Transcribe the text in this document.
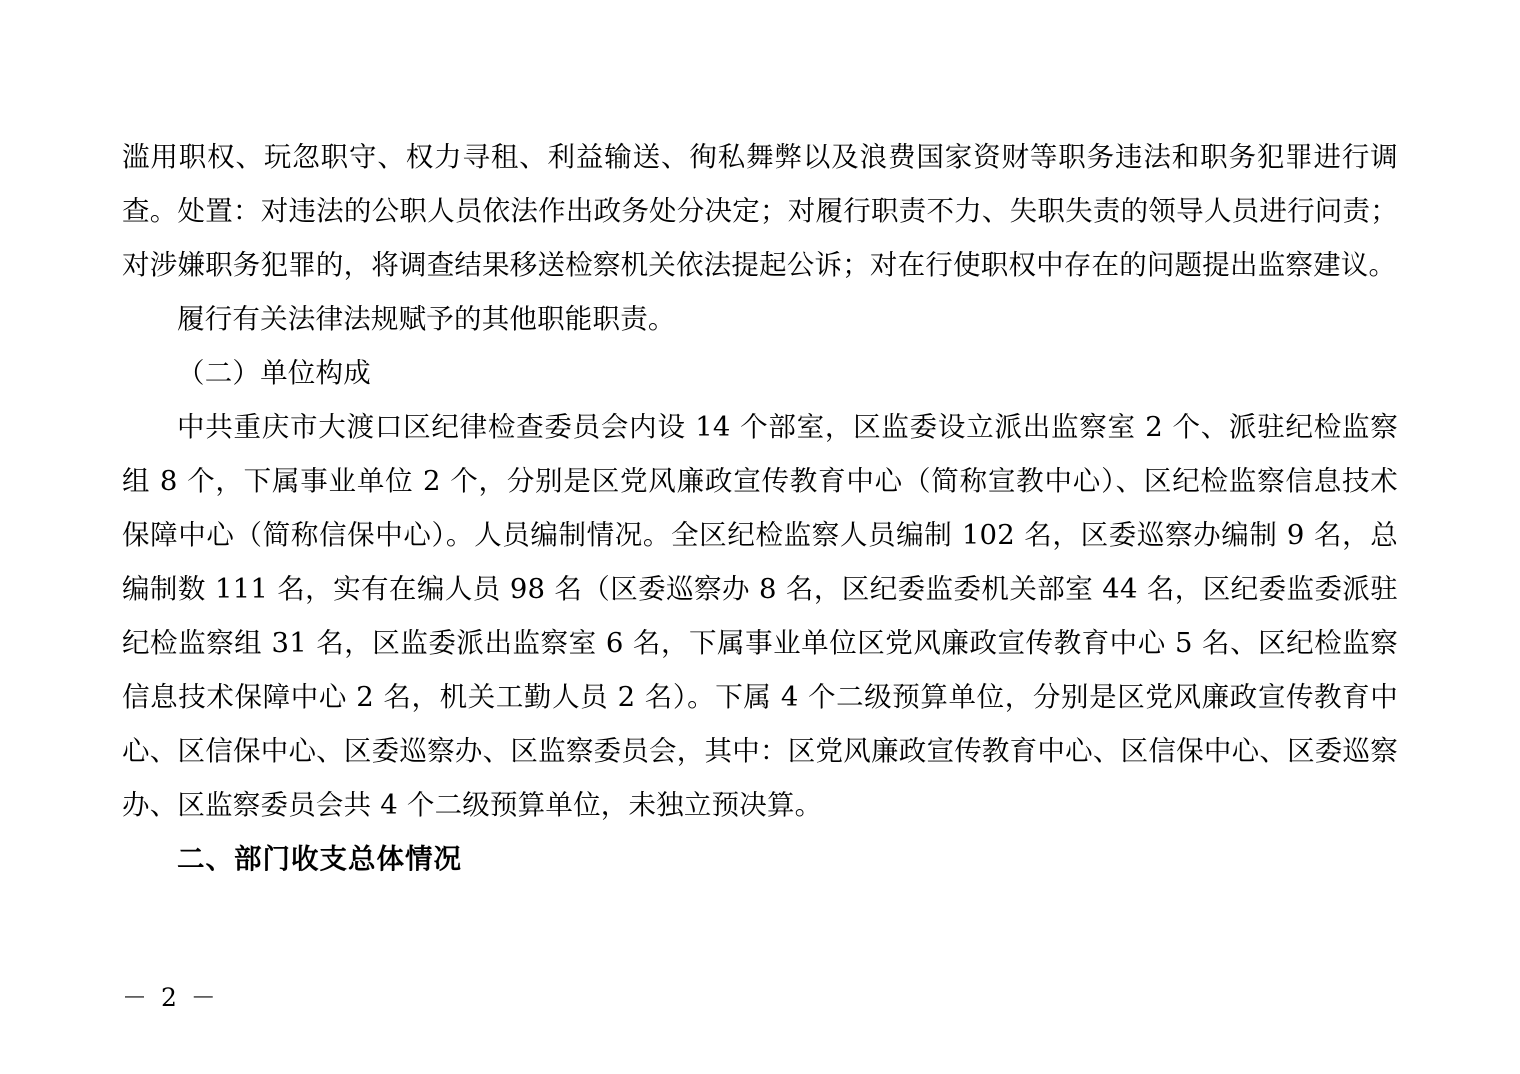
滥用职权、玩忽职守、权力寻租、利益输送、徇私舞弊以及浪费国家资财等职务违法和职务犯罪进行调查。处置：对违法的公职人员依法作出政务处分决定；对履行职责不力、失职失责的领导人员进行问责；对涉嫌职务犯罪的，将调查结果移送检察机关依法提起公诉；对在行使职权中存在的问题提出监察建议。

履行有关法律法规赋予的其他职能职责。

（二）单位构成

中共重庆市大渡口区纪律检查委员会内设 14 个部室，区监委设立派出监察室 2 个、派驻纪检监察组 8 个，下属事业单位 2 个，分别是区党风廉政宣传教育中心（简称宣教中心）、区纪检监察信息技术保障中心（简称信保中心）。人员编制情况。全区纪检监察人员编制 102 名，区委巡察办编制 9 名，总编制数 111 名，实有在编人员 98 名（区委巡察办 8 名，区纪委监委机关部室 44 名，区纪委监委派驻纪检监察组 31 名，区监委派出监察室 6 名，下属事业单位区党风廉政宣传教育中心 5 名、区纪检监察信息技术保障中心 2 名，机关工勤人员 2 名）。下属 4 个二级预算单位，分别是区党风廉政宣传教育中心、区信保中心、区委巡察办、区监察委员会，其中：区党风廉政宣传教育中心、区信保中心、区委巡察办、区监察委员会共 4 个二级预算单位，未独立预决算。

二、部门收支总体情况

－ 2 －
